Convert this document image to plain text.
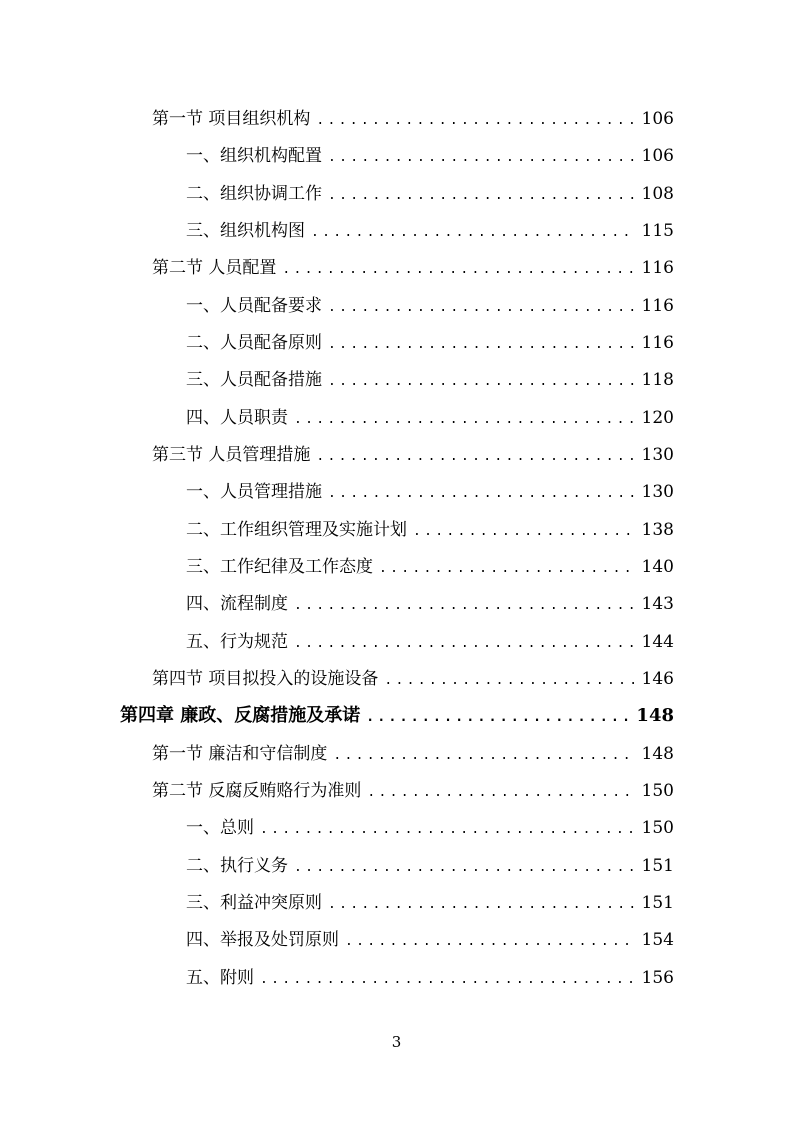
第一节 项目组织机构 .....	106
一、组织机构配置 .....	106
二、组织协调工作 .....	108
三、组织机构图 .....	115
第二节 人员配置 .....	116
一、人员配备要求 .....	116
二、人员配备原则 .....	116
三、人员配备措施 .....	118
四、人员职责 .....	120
第三节 人员管理措施 .....	130
一、人员管理措施 .....	130
二、工作组织管理及实施计划 .....	138
三、工作纪律及工作态度 .....	140
四、流程制度 .....	143
五、行为规范 .....	144
第四节 项目拟投入的设施设备 .....	146
第四章 廉政、反腐措施及承诺 .....	148
第一节 廉洁和守信制度 .....	148
第二节 反腐反贿赂行为准则 .....	150
一、总则 .....	150
二、执行义务 .....	151
三、利益冲突原则 .....	151
四、举报及处罚原则 .....	154
五、附则 .....	156
3
